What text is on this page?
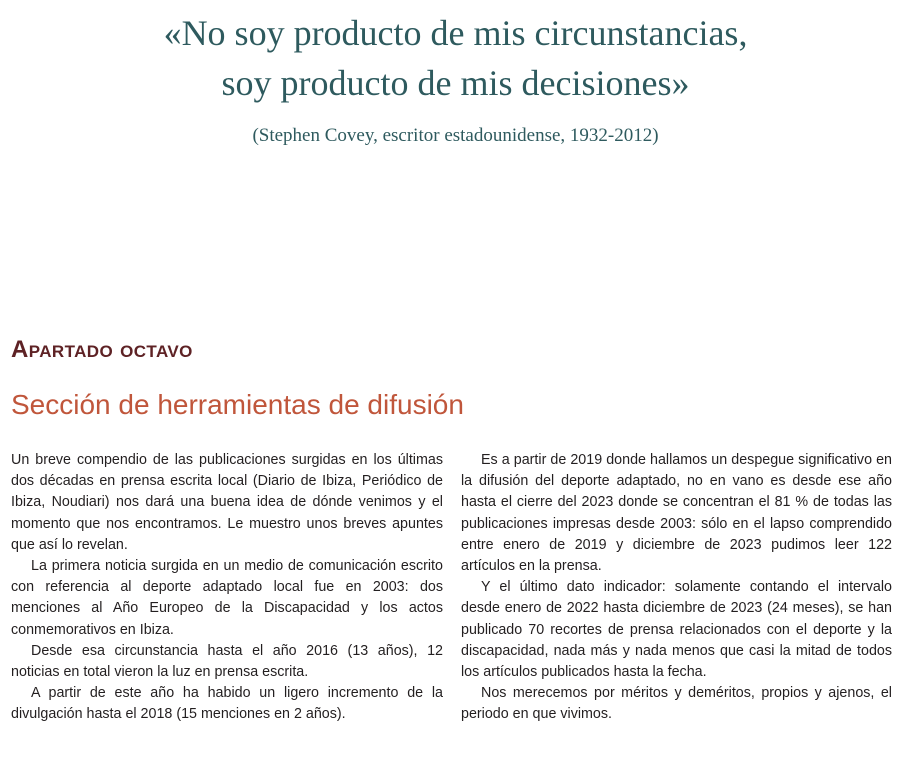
«No soy producto de mis circunstancias,
soy producto de mis decisiones»
(Stephen Covey, escritor estadounidense, 1932-2012)
Apartado octavo
Sección de herramientas de difusión

Un breve compendio de las publicaciones surgidas en los últimas dos décadas en prensa escrita local (Diario de Ibiza, Periódico de Ibiza, Noudiari) nos dará una buena idea de dónde venimos y el momento que nos encontramos. Le muestro unos breves apuntes que así lo revelan.

La primera noticia surgida en un medio de comunicación escrito con referencia al deporte adaptado local fue en 2003: dos menciones al Año Europeo de la Discapacidad y los actos conmemorativos en Ibiza.

Desde esa circunstancia hasta el año 2016 (13 años), 12 noticias en total vieron la luz en prensa escrita.

A partir de este año ha habido un ligero incremento de la divulgación hasta el 2018 (15 menciones en 2 años).

Es a partir de 2019 donde hallamos un despegue significativo en la difusión del deporte adaptado, no en vano es desde ese año hasta el cierre del 2023 donde se concentran el 81 % de todas las publicaciones impresas desde 2003: sólo en el lapso comprendido entre enero de 2019 y diciembre de 2023 pudimos leer 122 artículos en la prensa.

Y el último dato indicador: solamente contando el intervalo desde enero de 2022 hasta diciembre de 2023 (24 meses), se han publicado 70 recortes de prensa relacionados con el deporte y la discapacidad, nada más y nada menos que casi la mitad de todos los artículos publicados hasta la fecha.

Nos merecemos por méritos y deméritos, propios y ajenos, el periodo en que vivimos.
